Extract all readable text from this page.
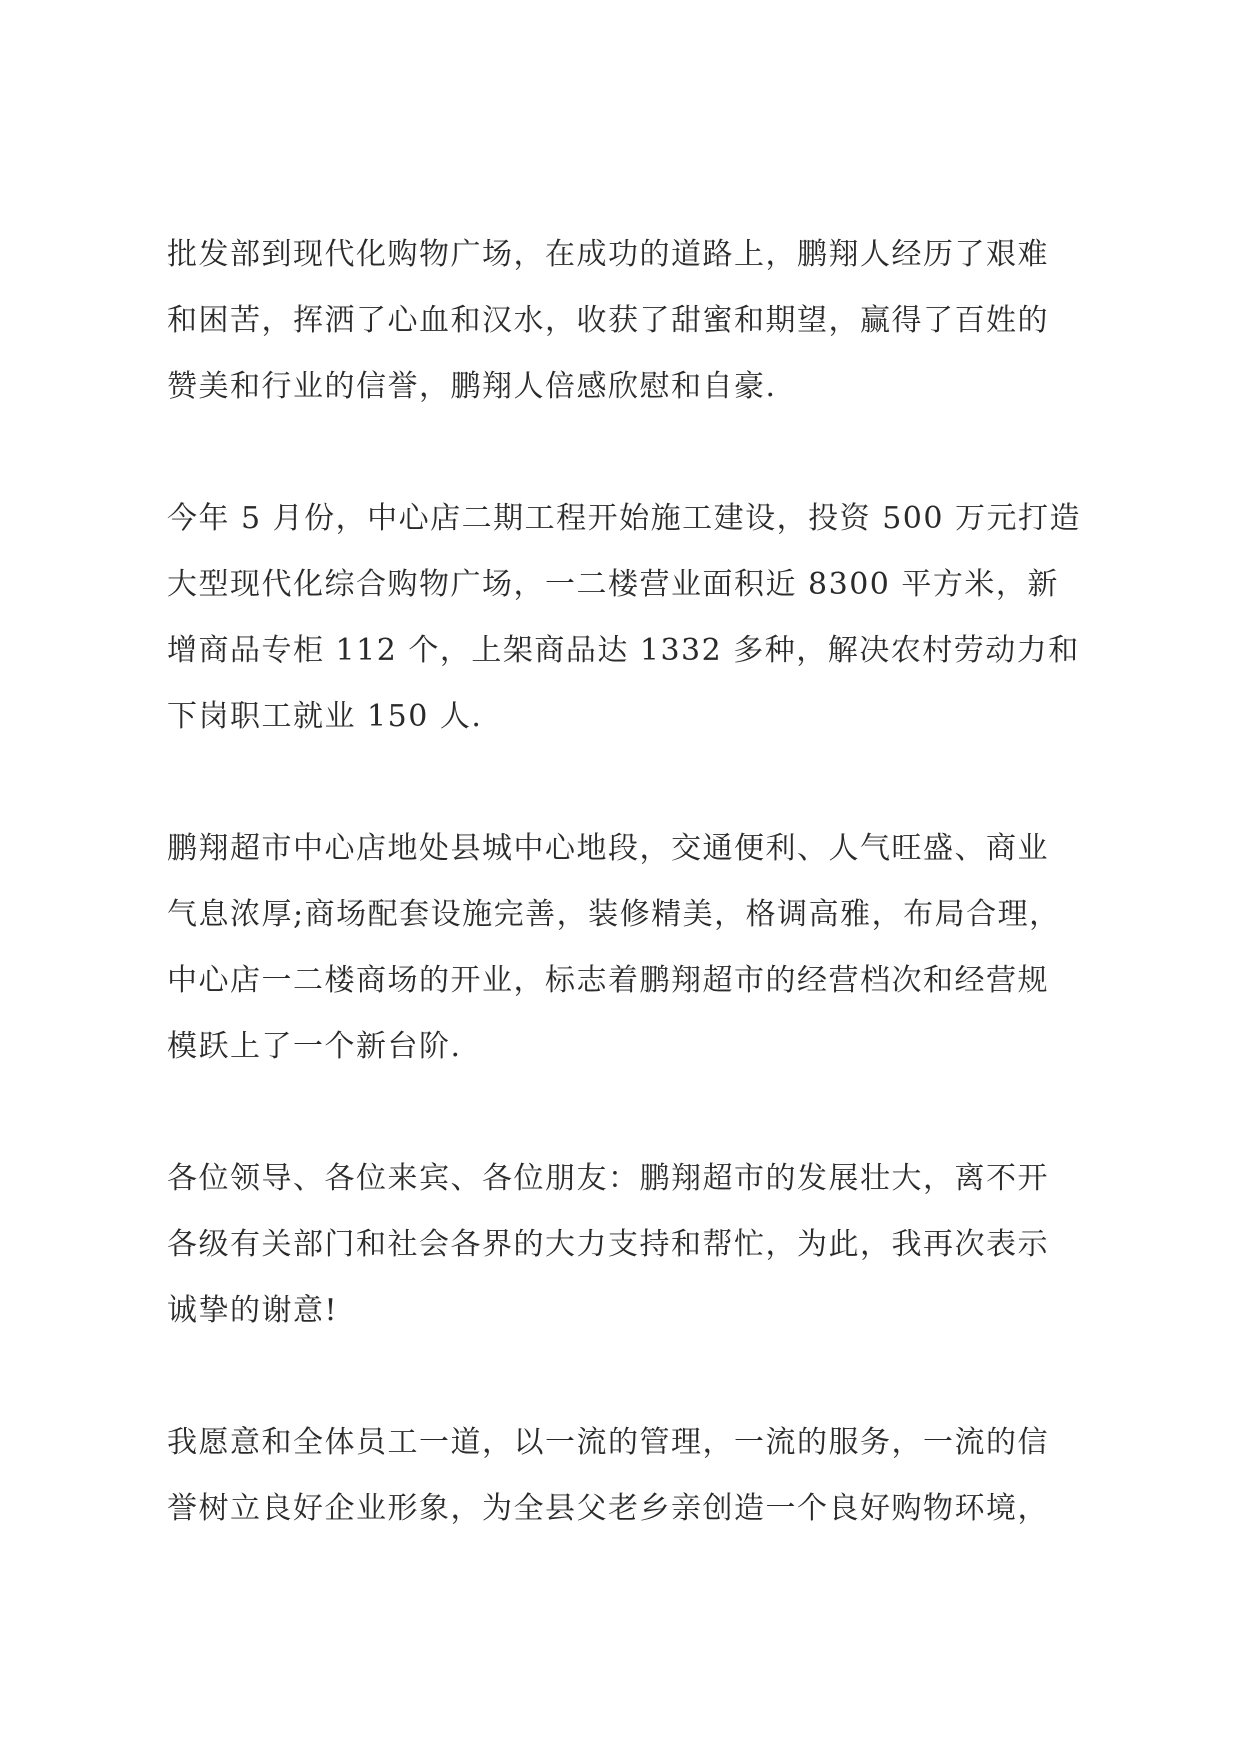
批发部到现代化购物广场，在成功的道路上，鹏翔人经历了艰难
和困苦，挥洒了心血和汉水，收获了甜蜜和期望，赢得了百姓的
赞美和行业的信誉，鹏翔人倍感欣慰和自豪.

今年 5 月份，中心店二期工程开始施工建设，投资 500 万元打造
大型现代化综合购物广场，一二楼营业面积近 8300 平方米，新
增商品专柜 112 个，上架商品达 1332 多种，解决农村劳动力和
下岗职工就业 150 人.

鹏翔超市中心店地处县城中心地段，交通便利、人气旺盛、商业
气息浓厚;商场配套设施完善，装修精美，格调高雅，布局合理，
中心店一二楼商场的开业，标志着鹏翔超市的经营档次和经营规
模跃上了一个新台阶.

各位领导、各位来宾、各位朋友：鹏翔超市的发展壮大，离不开
各级有关部门和社会各界的大力支持和帮忙，为此，我再次表示
诚挚的谢意!

我愿意和全体员工一道，以一流的管理，一流的服务，一流的信
誉树立良好企业形象，为全县父老乡亲创造一个良好购物环境，
